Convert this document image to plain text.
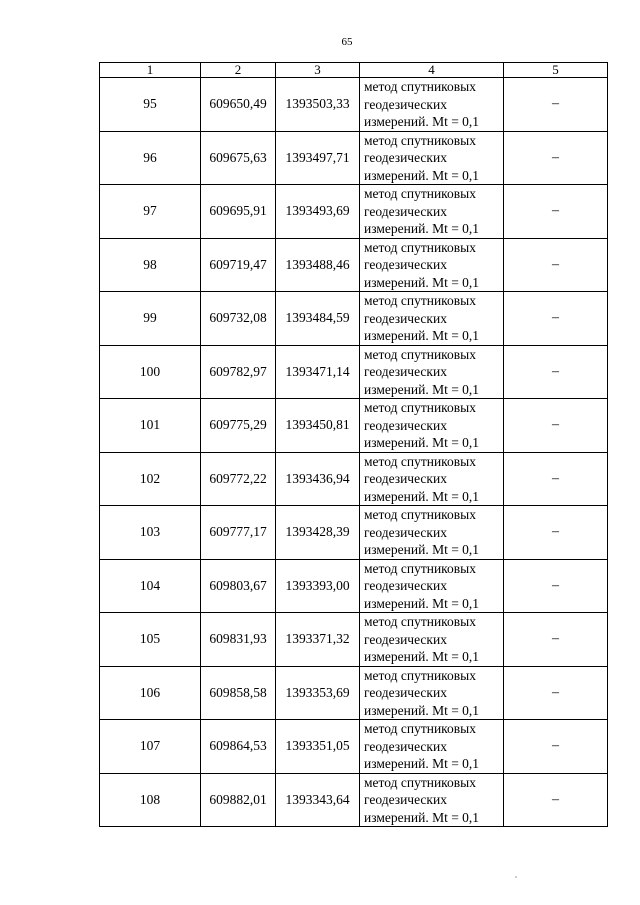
65
1	2	3	4	5
95	609650,49	1393503,33	метод спутниковых
геодезических
измерений. Mt = 0,1	–
96	609675,63	1393497,71	метод спутниковых
геодезических
измерений. Mt = 0,1	–
97	609695,91	1393493,69	метод спутниковых
геодезических
измерений. Mt = 0,1	–
98	609719,47	1393488,46	метод спутниковых
геодезических
измерений. Mt = 0,1	–
99	609732,08	1393484,59	метод спутниковых
геодезических
измерений. Mt = 0,1	–
100	609782,97	1393471,14	метод спутниковых
геодезических
измерений. Mt = 0,1	–
101	609775,29	1393450,81	метод спутниковых
геодезических
измерений. Mt = 0,1	–
102	609772,22	1393436,94	метод спутниковых
геодезических
измерений. Mt = 0,1	–
103	609777,17	1393428,39	метод спутниковых
геодезических
измерений. Mt = 0,1	–
104	609803,67	1393393,00	метод спутниковых
геодезических
измерений. Mt = 0,1	–
105	609831,93	1393371,32	метод спутниковых
геодезических
измерений. Mt = 0,1	–
106	609858,58	1393353,69	метод спутниковых
геодезических
измерений. Mt = 0,1	–
107	609864,53	1393351,05	метод спутниковых
геодезических
измерений. Mt = 0,1	–
108	609882,01	1393343,64	метод спутниковых
геодезических
измерений. Mt = 0,1	–
